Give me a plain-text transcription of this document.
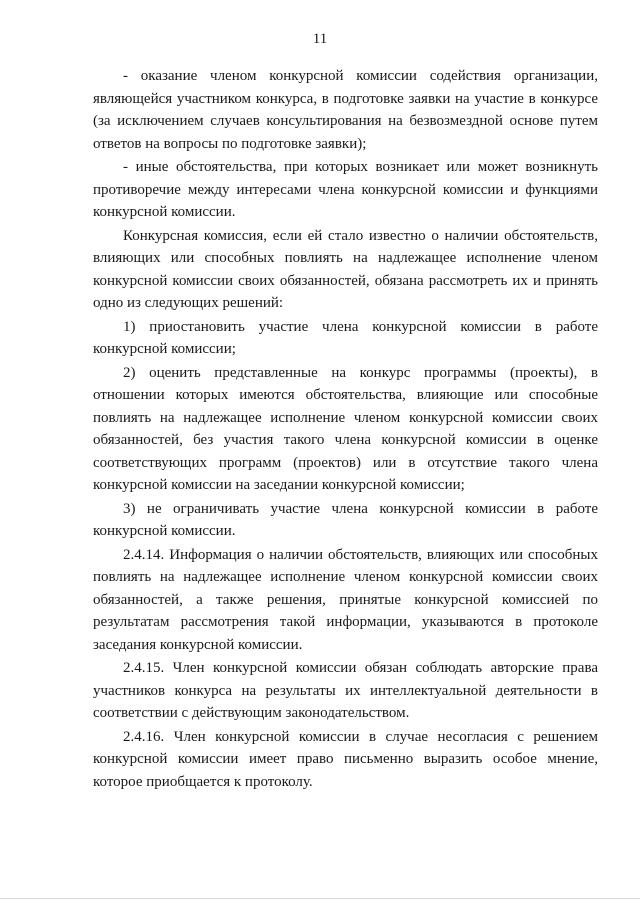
11

- оказание членом конкурсной комиссии содействия организации, являющейся участником конкурса, в подготовке заявки на участие в конкурсе (за исключением случаев консультирования на безвозмездной основе путем ответов на вопросы по подготовке заявки);

- иные обстоятельства, при которых возникает или может возникнуть противоречие между интересами члена конкурсной комиссии и функциями конкурсной комиссии.

Конкурсная комиссия, если ей стало известно о наличии обстоятельств, влияющих или способных повлиять на надлежащее исполнение членом конкурсной комиссии своих обязанностей, обязана рассмотреть их и принять одно из следующих решений:

1) приостановить участие члена конкурсной комиссии в работе конкурсной комиссии;

2) оценить представленные на конкурс программы (проекты), в отношении которых имеются обстоятельства, влияющие или способные повлиять на надлежащее исполнение членом конкурсной комиссии своих обязанностей, без участия такого члена конкурсной комиссии в оценке соответствующих программ (проектов) или в отсутствие такого члена конкурсной комиссии на заседании конкурсной комиссии;

3) не ограничивать участие члена конкурсной комиссии в работе конкурсной комиссии.

2.4.14. Информация о наличии обстоятельств, влияющих или способных повлиять на надлежащее исполнение членом конкурсной комиссии своих обязанностей, а также решения, принятые конкурсной комиссией по результатам рассмотрения такой информации, указываются в протоколе заседания конкурсной комиссии.

2.4.15. Член конкурсной комиссии обязан соблюдать авторские права участников конкурса на результаты их интеллектуальной деятельности в соответствии с действующим законодательством.

2.4.16. Член конкурсной комиссии в случае несогласия с решением конкурсной комиссии имеет право письменно выразить особое мнение, которое приобщается к протоколу.
